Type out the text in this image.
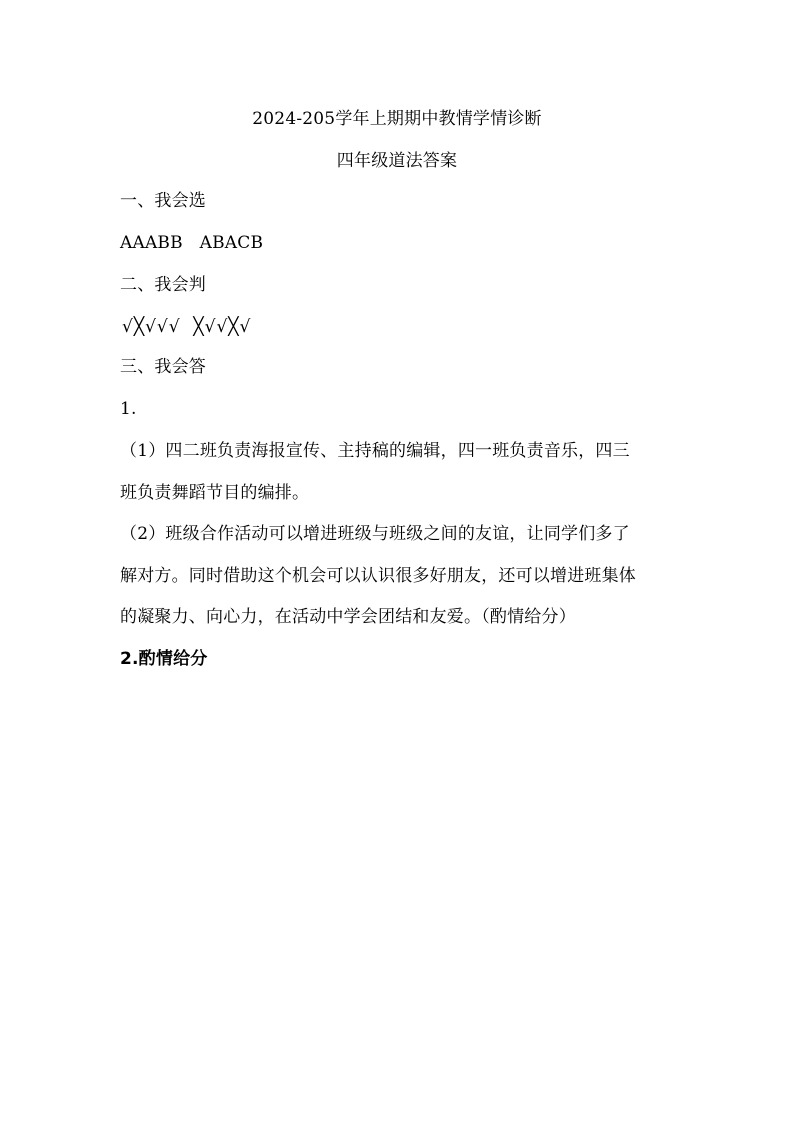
2024-205学年上期期中教情学情诊断
四年级道法答案
一、我会选
AAABB   ABACB
二、我会判
√╳√√√  ╳√√╳√
三、我会答
1.
（1）四二班负责海报宣传、主持稿的编辑，四一班负责音乐，四三
班负责舞蹈节目的编排。
（2）班级合作活动可以增进班级与班级之间的友谊，让同学们多了
解对方。同时借助这个机会可以认识很多好朋友，还可以增进班集体
的凝聚力、向心力，在活动中学会团结和友爱。（酌情给分）
2.酌情给分
